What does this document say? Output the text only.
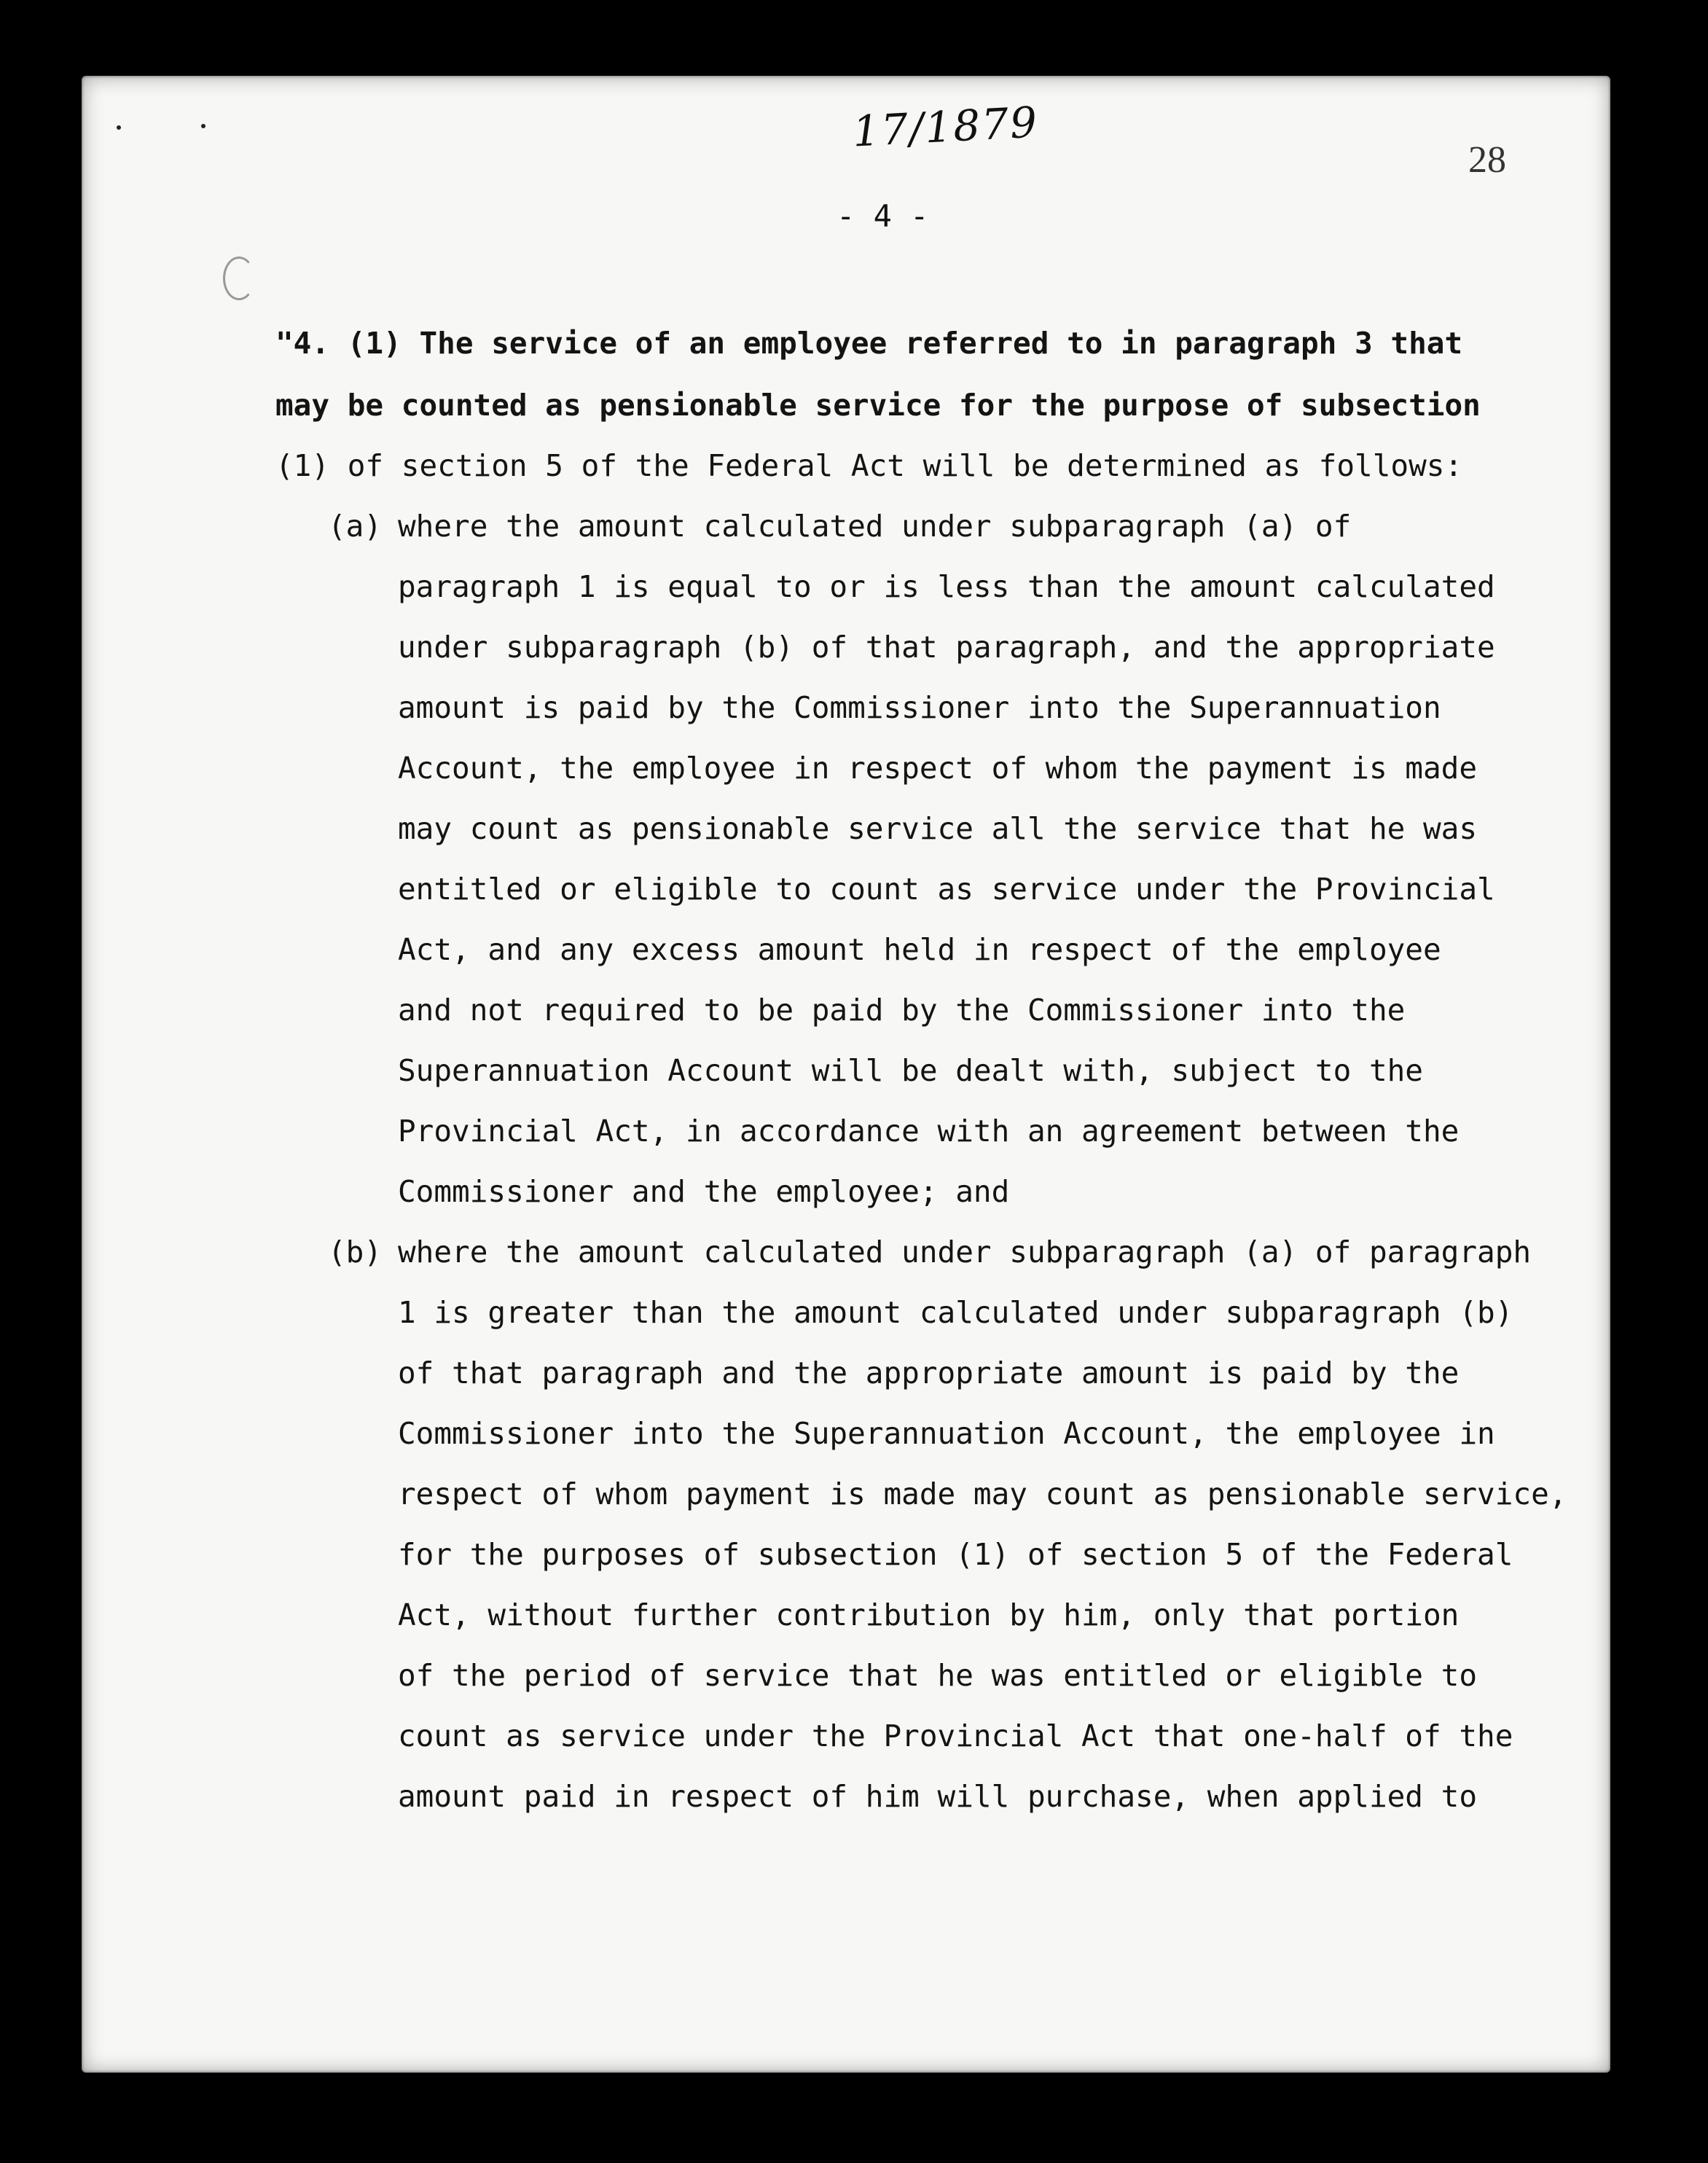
17/1879
28
- 4 -
"4. (1) The service of an employee referred to in paragraph 3 that
may be counted as pensionable service for the purpose of subsection
(1) of section 5 of the Federal Act will be determined as follows:
(a) where the amount calculated under subparagraph (a) of
paragraph 1 is equal to or is less than the amount calculated
under subparagraph (b) of that paragraph, and the appropriate
amount is paid by the Commissioner into the Superannuation
Account, the employee in respect of whom the payment is made
may count as pensionable service all the service that he was
entitled or eligible to count as service under the Provincial
Act, and any excess amount held in respect of the employee
and not required to be paid by the Commissioner into the
Superannuation Account will be dealt with, subject to the
Provincial Act, in accordance with an agreement between the
Commissioner and the employee; and
(b) where the amount calculated under subparagraph (a) of paragraph
1 is greater than the amount calculated under subparagraph (b)
of that paragraph and the appropriate amount is paid by the
Commissioner into the Superannuation Account, the employee in
respect of whom payment is made may count as pensionable service,
for the purposes of subsection (1) of section 5 of the Federal
Act, without further contribution by him, only that portion
of the period of service that he was entitled or eligible to
count as service under the Provincial Act that one-half of the
amount paid in respect of him will purchase, when applied to
